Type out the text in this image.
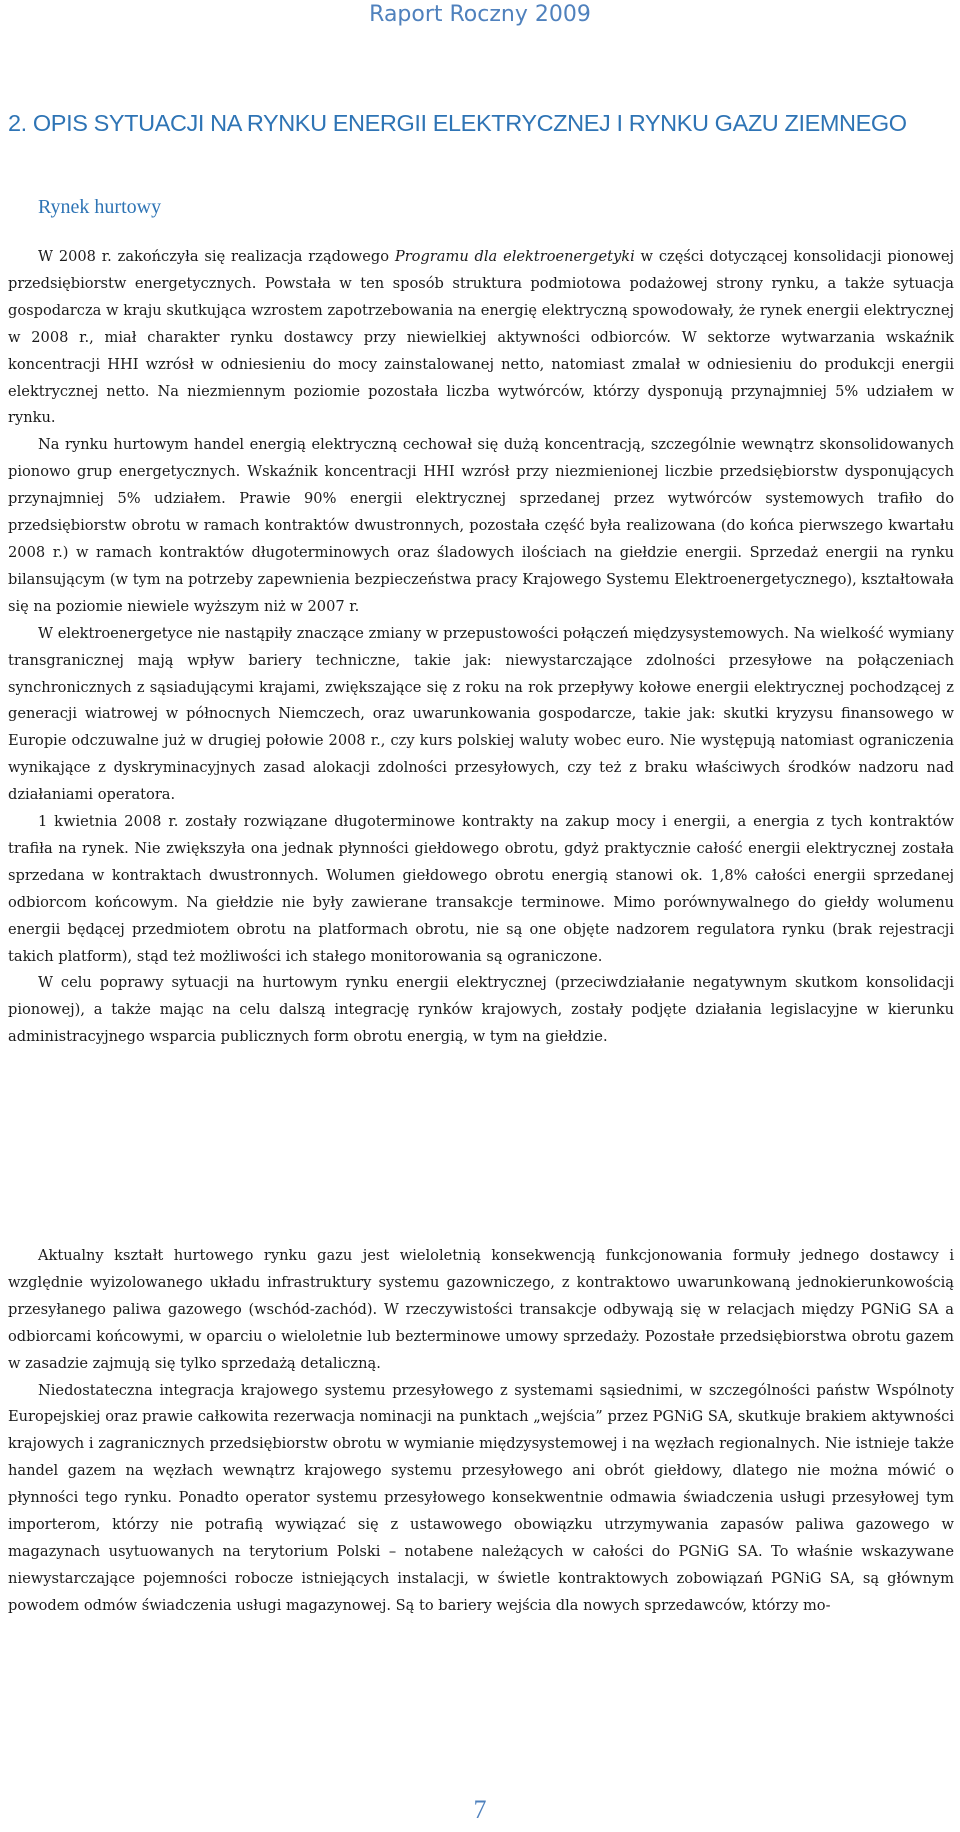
Raport Roczny 2009
2. OPIS SYTUACJI NA RYNKU ENERGII ELEKTRYCZNEJ I RYNKU GAZU ZIEMNEGO
Rynek hurtowy

W 2008 r. zakończyła się realizacja rządowego Programu dla elektroenergetyki w części dotyczącej konsolidacji pionowej przedsiębiorstw energetycznych. Powstała w ten sposób struktura podmiotowa podażowej strony rynku, a także sytuacja gospodarcza w kraju skutkująca wzrostem zapotrzebowania na energię elektryczną spowodowały, że rynek energii elektrycznej w 2008 r., miał charakter rynku dostawcy przy niewielkiej aktywności odbiorców. W sektorze wytwarzania wskaźnik koncentracji HHI wzrósł w odniesieniu do mocy zainstalowanej netto, natomiast zmalał w odniesieniu do produkcji energii elektrycznej netto. Na niezmiennym poziomie pozostała liczba wytwórców, którzy dysponują przynajmniej 5% udziałem w rynku.

Na rynku hurtowym handel energią elektryczną cechował się dużą koncentracją, szczególnie wewnątrz skonsolidowanych pionowo grup energetycznych. Wskaźnik koncentracji HHI wzrósł przy niezmienionej liczbie przedsiębiorstw dysponujących przynajmniej 5% udziałem. Prawie 90% energii elektrycznej sprzedanej przez wytwórców systemowych trafiło do przedsiębiorstw obrotu w ramach kontraktów dwustronnych, pozostała część była realizowana (do końca pierwszego kwartału 2008 r.) w ramach kontraktów długoterminowych oraz śladowych ilościach na giełdzie energii. Sprzedaż energii na rynku bilansującym (w tym na potrzeby zapewnienia bezpieczeństwa pracy Krajowego Systemu Elektroenergetycznego), kształtowała się na poziomie niewiele wyższym niż w 2007 r.

W elektroenergetyce nie nastąpiły znaczące zmiany w przepustowości połączeń międzysystemowych. Na wielkość wymiany transgranicznej mają wpływ bariery techniczne, takie jak: niewystarczające zdolności przesyłowe na połączeniach synchronicznych z sąsiadującymi krajami, zwiększające się z roku na rok przepływy kołowe energii elektrycznej pochodzącej z generacji wiatrowej w północnych Niemczech, oraz uwarunkowania gospodarcze, takie jak: skutki kryzysu finansowego w Europie odczuwalne już w drugiej połowie 2008 r., czy kurs polskiej waluty wobec euro. Nie występują natomiast ograniczenia wynikające z dyskryminacyjnych zasad alokacji zdolności przesyłowych, czy też z braku właściwych środków nadzoru nad działaniami operatora.

1 kwietnia 2008 r. zostały rozwiązane długoterminowe kontrakty na zakup mocy i energii, a energia z tych kontraktów trafiła na rynek. Nie zwiększyła ona jednak płynności giełdowego obrotu, gdyż praktycznie całość energii elektrycznej została sprzedana w kontraktach dwustronnych. Wolumen giełdowego obrotu energią stanowi ok. 1,8% całości energii sprzedanej odbiorcom końcowym. Na giełdzie nie były zawierane transakcje terminowe. Mimo porównywalnego do giełdy wolumenu energii będącej przedmiotem obrotu na platformach obrotu, nie są one objęte nadzorem regulatora rynku (brak rejestracji takich platform), stąd też możliwości ich stałego monitorowania są ograniczone.

W celu poprawy sytuacji na hurtowym rynku energii elektrycznej (przeciwdziałanie negatywnym skutkom konsolidacji pionowej), a także mając na celu dalszą integrację rynków krajowych, zostały podjęte działania legislacyjne w kierunku administracyjnego wsparcia publicznych form obrotu energią, w tym na giełdzie.

Aktualny kształt hurtowego rynku gazu jest wieloletnią konsekwencją funkcjonowania formuły jednego dostawcy i względnie wyizolowanego układu infrastruktury systemu gazowniczego, z kontraktowo uwarunkowaną jednokierunkowością przesyłanego paliwa gazowego (wschód-zachód). W rzeczywistości transakcje odbywają się w relacjach między PGNiG SA a odbiorcami końcowymi, w oparciu o wieloletnie lub bezterminowe umowy sprzedaży. Pozostałe przedsiębiorstwa obrotu gazem w zasadzie zajmują się tylko sprzedażą detaliczną.

Niedostateczna integracja krajowego systemu przesyłowego z systemami sąsiednimi, w szczególności państw Wspólnoty Europejskiej oraz prawie całkowita rezerwacja nominacji na punktach „wejścia” przez PGNiG SA, skutkuje brakiem aktywności krajowych i zagranicznych przedsiębiorstw obrotu w wymianie międzysystemowej i na węzłach regionalnych. Nie istnieje także handel gazem na węzłach wewnątrz krajowego systemu przesyłowego ani obrót giełdowy, dlatego nie można mówić o płynności tego rynku. Ponadto operator systemu przesyłowego konsekwentnie odmawia świadczenia usługi przesyłowej tym importerom, którzy nie potrafią wywiązać się z ustawowego obowiązku utrzymywania zapasów paliwa gazowego w magazynach usytuowanych na terytorium Polski – notabene należących w całości do PGNiG SA. To właśnie wskazywane niewystarczające pojemności robocze istniejących instalacji, w świetle kontraktowych zobowiązań PGNiG SA, są głównym powodem odmów świadczenia usługi magazynowej. Są to bariery wejścia dla nowych sprzedawców, którzy mo-

7
